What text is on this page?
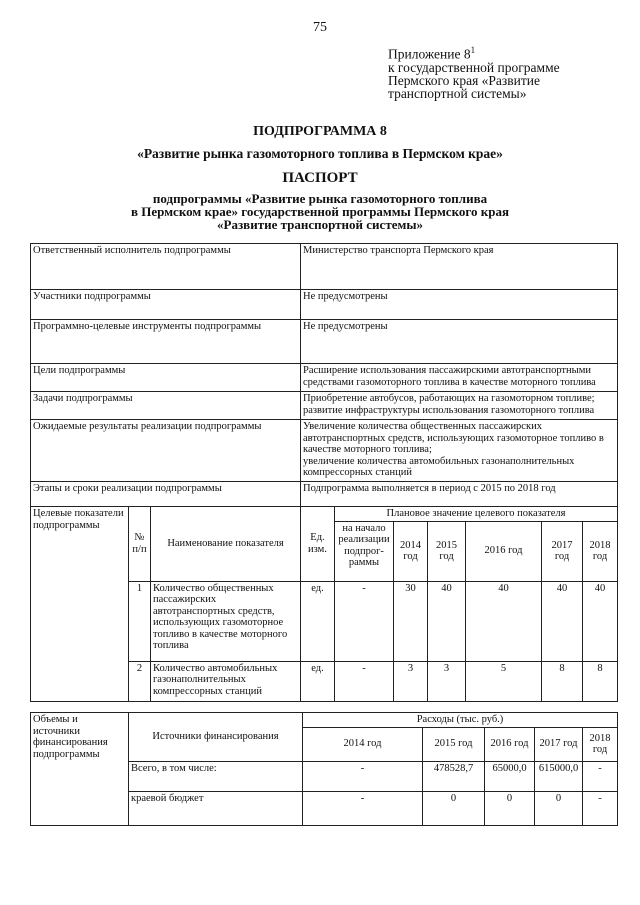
75
Приложение $8^1$
к государственной программе
Пермского края «Развитие
транспортной системы»
ПОДПРОГРАММА 8
«Развитие рынка газомоторного топлива в Пермском крае»
ПАСПОРТ
подпрограммы «Развитие рынка газомоторного топлива
в Пермском крае» государственной программы Пермского края
«Развитие транспортной системы»
Ответственный исполнитель подпрограммы			Министерство транспорта Пермского края						
Участники подпрограммы			Не предусмотрены						
Программно-целевые инструменты подпрограммы			Не предусмотрены						
Цели подпрограммы			Расширение использования пассажирскими автотранспортными средствами газомоторного топлива в качестве моторного топлива						
Задачи подпрограммы			Приобретение автобусов, работающих на газомоторном топливе;
развитие инфраструктуры использования газомоторного топлива						

Ожидаемые результаты реализации подпрограммы			Увеличение количества общественных пассажирских автотранспортных средств, использующих газомоторное топливо в качестве моторного топлива;
увеличение количества автомобильных газонаполнительных компрессорных станций						

Этапы и сроки реализации подпрограммы			Подпрограмма выполняется в период с 2015 по 2018 год						
Целевые показатели подпрограммы	№ п/п	Наименование показателя	Ед. изм.	Плановое значение целевого показателя					
				на начало реализации подпрог-раммы	2014 год	2015 год	2016 год	2017 год	2018 год
	1	Количество общественных пассажирских автотранспортных средств, использующих газомоторное топливо в качестве моторного топлива	ед.	-	30	40	40	40	40
	2	Количество автомобильных газонаполнительных компрессорных станций	ед.	-	3	3	5	8	8

Объемы и источники финансирования подпрограммы	Источники финансирования	Расходы (тыс. руб.)				
		2014 год	2015 год	2016 год	2017 год	2018 год
	Всего, в том числе:	-	478528,7	65000,0	615000,0	-
	краевой бюджет	-	0	0	0	-
